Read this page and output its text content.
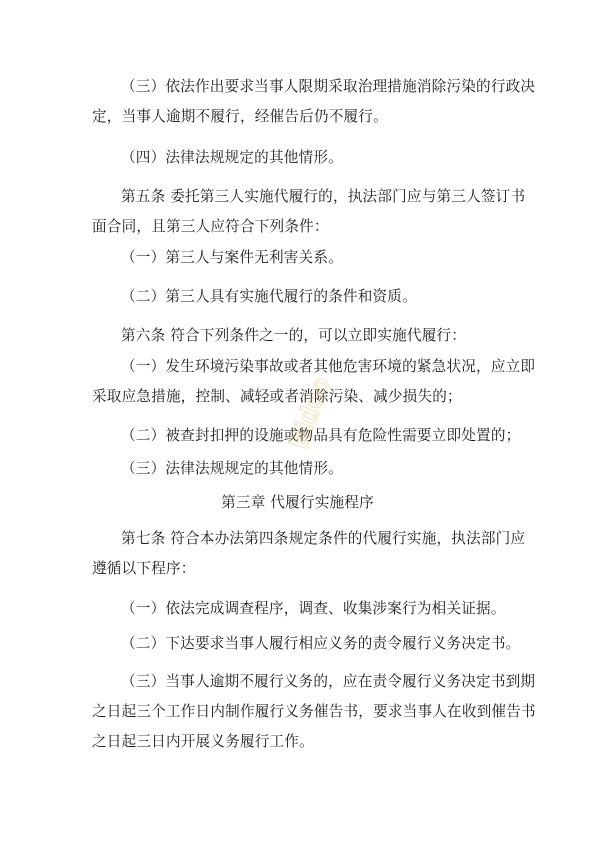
（三）依法作出要求当事人限期采取治理措施消除污染的行政决
定，当事人逾期不履行，经催告后仍不履行。

（四）法律法规规定的其他情形。

第五条 委托第三人实施代履行的，执法部门应与第三人签订书
面合同，且第三人应符合下列条件：

（一）第三人与案件无利害关系。

（二）第三人具有实施代履行的条件和资质。

第六条 符合下列条件之一的，可以立即实施代履行：

（一）发生环境污染事故或者其他危害环境的紧急状况，应立即
采取应急措施，控制、减轻或者消除污染、减少损失的；

（二）被查封扣押的设施或物品具有危险性需要立即处置的；

（三）法律法规规定的其他情形。

第三章 代履行实施程序

第七条 符合本办法第四条规定条件的代履行实施，执法部门应
遵循以下程序：

（一）依法完成调查程序，调查、收集涉案行为相关证据。

（二）下达要求当事人履行相应义务的责令履行义务决定书。

（三）当事人逾期不履行义务的，应在责令履行义务决定书到期
之日起三个工作日内制作履行义务催告书，要求当事人在收到催告书
之日起三日内开展义务履行工作。

Bidoo
